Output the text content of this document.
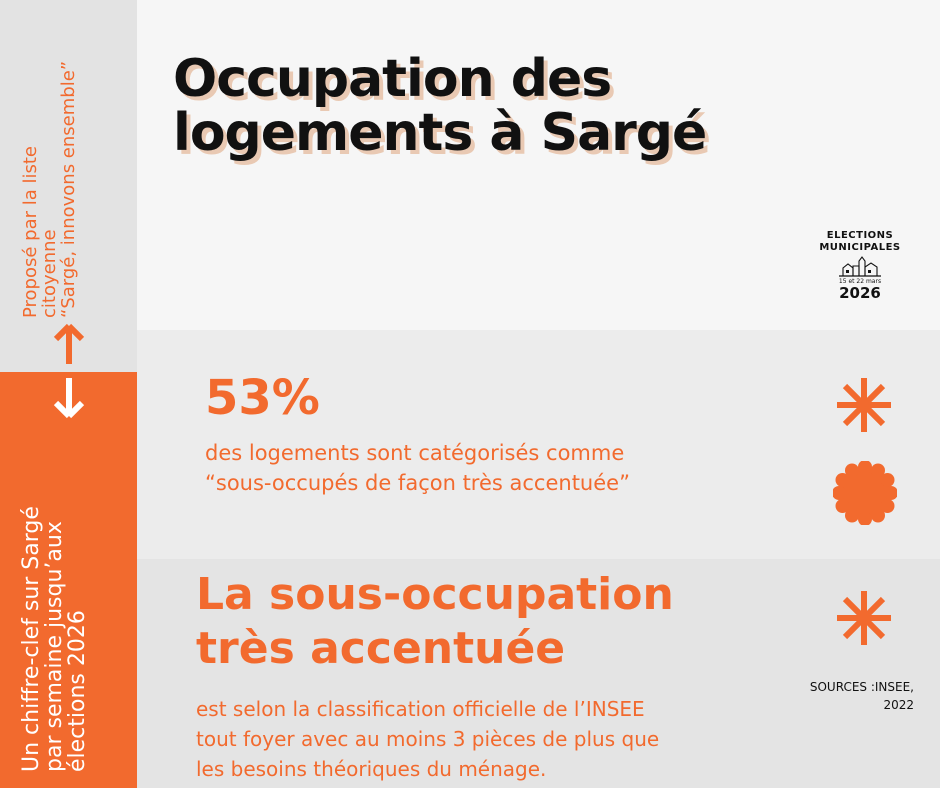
Proposé par la liste
citoyenne
“Sargé, innovons ensemble”
Un chiffre-clef sur Sargé
par semaine jusqu’aux
élections 2026
Occupation des
logements à Sargé
ELECTIONS
MUNICIPALES
15 et 22 mars
2026
53%
des logements sont catégorisés comme
“sous-occupés de façon très accentuée”
La sous-occupation
très accentuée
est selon la classification officielle de l’INSEE
tout foyer avec au moins 3 pièces de plus que
les besoins théoriques du ménage.
SOURCES :INSEE,
2022
